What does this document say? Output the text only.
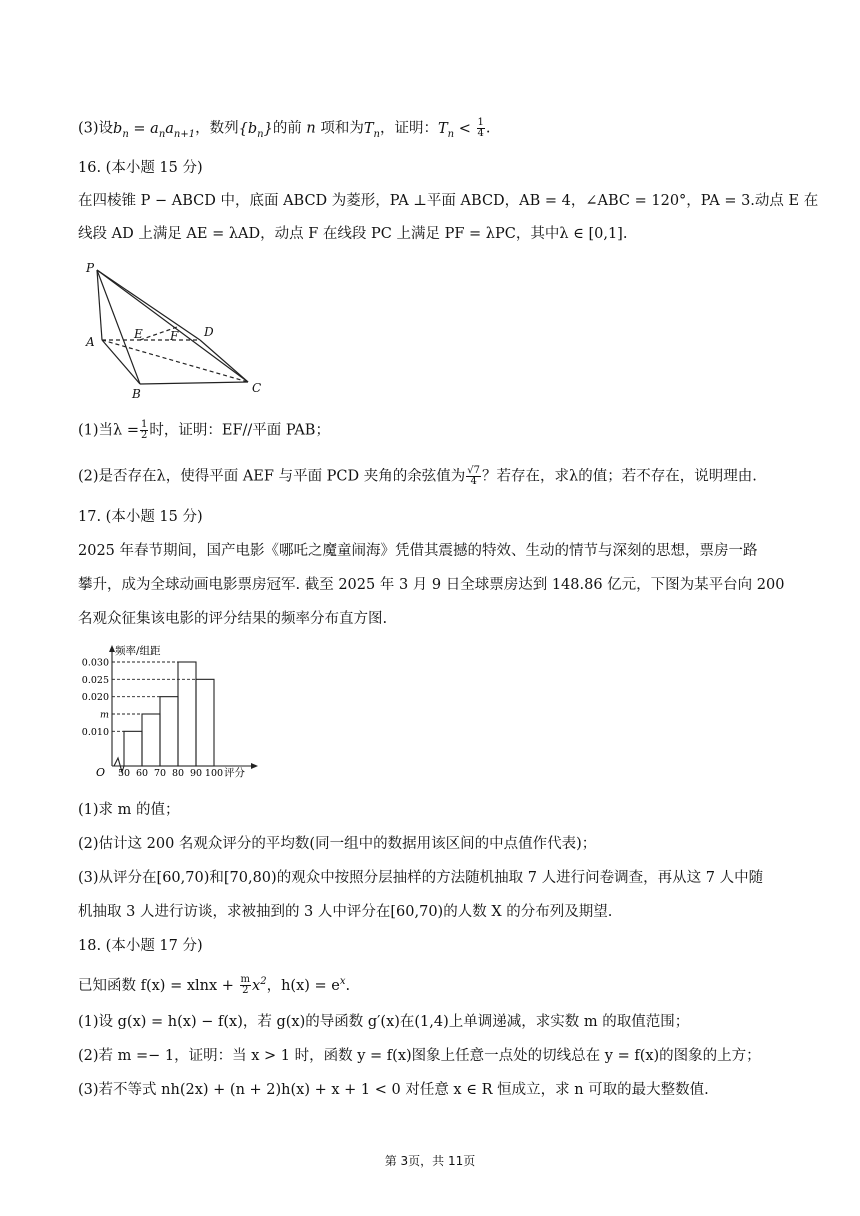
(3)设$b_n = a_na_{n+1}$，数列$\{b_n\}$的前 n 项和为$T_n$，证明：$T_n < \frac{1}{4}$ .
16. (本小题 15 分)
在四棱锥 P − ABCD 中，底面 ABCD 为菱形，PA ⊥平面 ABCD，AB = 4，∠ABC = 120°，PA = 3.动点 E 在
线段 AD 上满足 AE = λAD，动点 F 在线段 PC 上满足 PF = λPC，其中λ ∈ [0,1].
P
A
B	C
D
E F
(1)当$\lambda = \frac{1}{2}$ 时，证明：EF//平面 PAB；
(2)是否存在λ，使得平面 AEF 与平面 PCD 夹角的余弦值为 $\frac{√7}{4}$ ？若存在，求λ的值；若不存在，说明理由.
17. (本小题 15 分)
2025 年春节期间，国产电影《哪吒之魔童闹海》凭借其震撼的特效、生动的情节与深刻的思想，票房一路
攀升，成为全球动画电影票房冠军. 截至 2025 年 3 月 9 日全球票房达到 148.86 亿元，下图为某平台向 200
名观众征集该电影的评分结果的频率分布直方图.
频率/组距
评分
O
0.030
0.025
0.020
m
0.010
50 60 70 80 90 100
(1)求 m 的值；
(2)估计这 200 名观众评分的平均数(同一组中的数据用该区间的中点值作代表)；
(3)从评分在[60,70)和[70,80)的观众中按照分层抽样的方法随机抽取 7 人进行问卷调查，再从这 7 人中随
机抽取 3 人进行访谈，求被抽到的 3 人中评分在[60,70)的人数 X 的分布列及期望.
18. (本小题 17 分)
已知函数 $f(x) = xlnx + \frac{m}{2} x^2$，$h(x) = e^x$.
(1)设 g(x) = h(x) − f(x)，若 g(x)的导函数 g′(x)在(1,4)上单调递减，求实数 m 的取值范围；
(2)若 m =− 1，证明：当 x > 1 时，函数 y = f(x)图象上任意一点处的切线总在 y = f(x)的图象的上方；
(3)若不等式 nh(2x) + (n + 2)h(x) + x + 1 < 0 对任意 x ∈ R 恒成立，求 n 可取的最大整数值.
第 3页，共 11页
